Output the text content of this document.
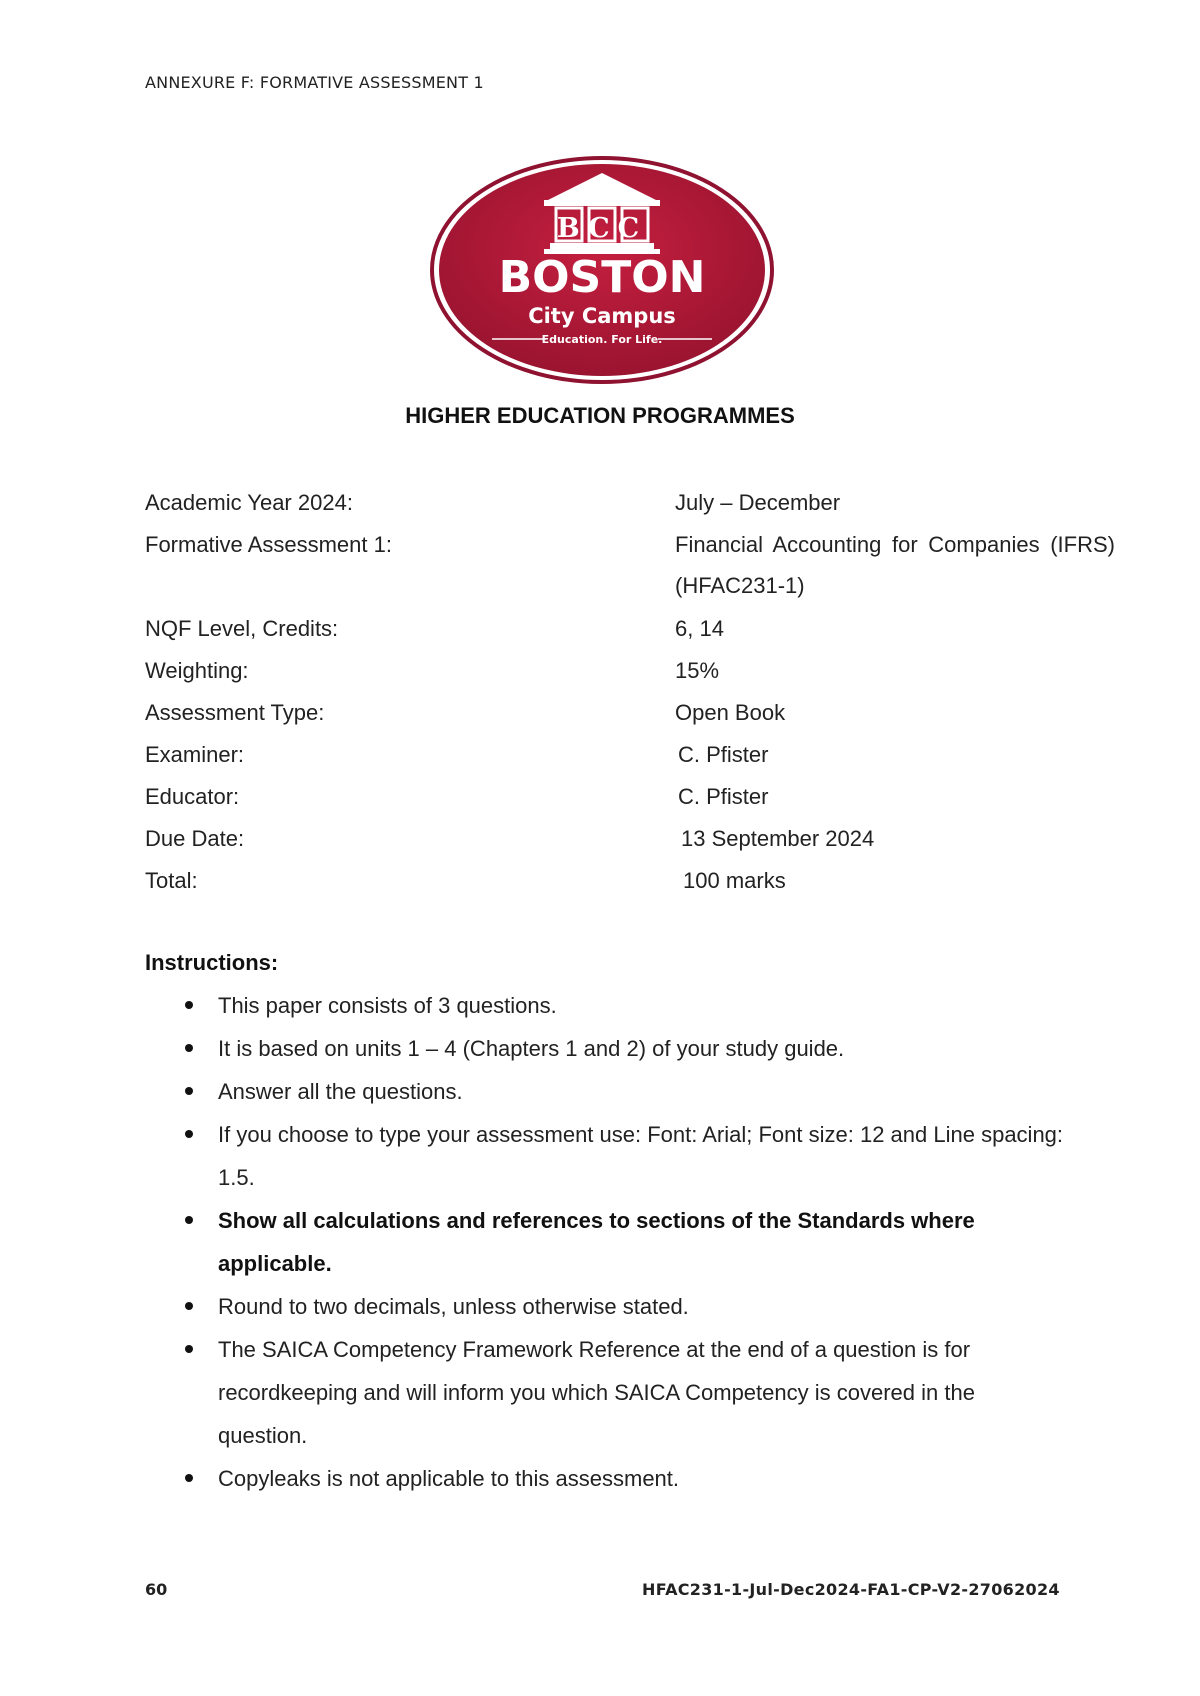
ANNEXURE F: FORMATIVE ASSESSMENT 1
BCC
BOSTON
City Campus
Education. For Life.
HIGHER EDUCATION PROGRAMMES
Academic Year 2024:	July – December
Formative Assessment 1:	Financial Accounting for Companies (IFRS) (HFAC231-1)
NQF Level, Credits:	6, 14
Weighting:	15%
Assessment Type:	Open Book
Examiner:	C. Pfister
Educator:	C. Pfister
Due Date:	13 September 2024
Total:	100 marks
Instructions:
This paper consists of 3 questions.
It is based on units 1 – 4 (Chapters 1 and 2) of your study guide.
Answer all the questions.
If you choose to type your assessment use: Font: Arial; Font size: 12 and Line spacing: 1.5.
Show all calculations and references to sections of the Standards where applicable.
Round to two decimals, unless otherwise stated.
The SAICA Competency Framework Reference at the end of a question is for recordkeeping and will inform you which SAICA Competency is covered in the question.
Copyleaks is not applicable to this assessment.
60	HFAC231-1-Jul-Dec2024-FA1-CP-V2-27062024
